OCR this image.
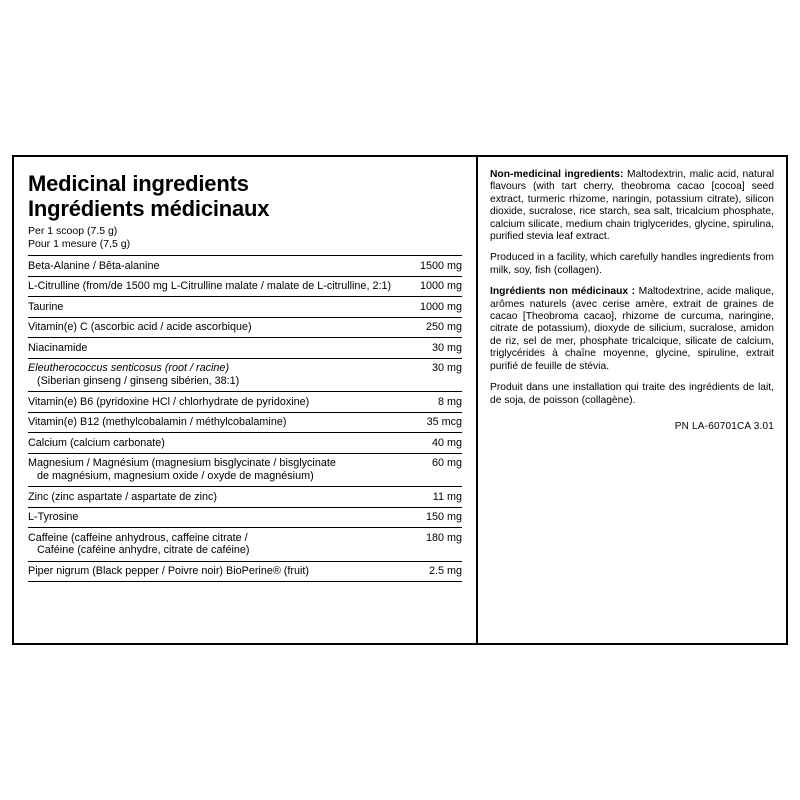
Medicinal ingredients
Ingrédients médicinaux
Per 1 scoop (7.5 g)
Pour 1 mesure (7,5 g)
Beta-Alanine / Bêta-alanine	1500 mg
L-Citrulline (from/de 1500 mg L-Citrulline malate / malate de L-citrulline, 2:1)	1000 mg
Taurine	1000 mg
Vitamin(e) C (ascorbic acid / acide ascorbique)	250 mg
Niacinamide	30 mg
Eleutherococcus senticosus (root / racine)
(Siberian ginseng / ginseng sibérien, 38:1)	30 mg
Vitamin(e) B6 (pyridoxine HCl / chlorhydrate de pyridoxine)	8 mg
Vitamin(e) B12 (methylcobalamin / méthylcobalamine)	35 mcg
Calcium (calcium carbonate)	40 mg
Magnesium / Magnésium (magnesium bisglycinate / bisglycinate
de magnésium, magnesium oxide / oxyde de magnésium)	60 mg
Zinc (zinc aspartate / aspartate de zinc)	11 mg
L-Tyrosine	150 mg
Caffeine (caffeine anhydrous, caffeine citrate /
Caféine (caféine anhydre, citrate de caféine)	180 mg
Piper nigrum (Black pepper / Poivre noir) BioPerine® (fruit)	2.5 mg

Non-medicinal ingredients: Maltodextrin, malic acid, natural flavours (with tart cherry, theobroma cacao [cocoa] seed extract, turmeric rhizome, naringin, potassium citrate), silicon dioxide, sucralose, rice starch, sea salt, tricalcium phosphate, calcium silicate, medium chain triglycerides, glycine, spirulina, purified stevia leaf extract.

Produced in a facility, which carefully handles ingredients from milk, soy, fish (collagen).

Ingrédients non médicinaux : Maltodextrine, acide malique, arômes naturels (avec cerise amère, extrait de graines de cacao [Theobroma cacao], rhizome de curcuma, naringine, citrate de potassium), dioxyde de silicium, sucralose, amidon de riz, sel de mer, phosphate tricalcique, silicate de calcium, triglycérides à chaîne moyenne, glycine, spiruline, extrait purifié de feuille de stévia.

Produit dans une installation qui traite des ingrédients de lait, de soja, de poisson (collagène).

PN LA-60701CA 3.01
